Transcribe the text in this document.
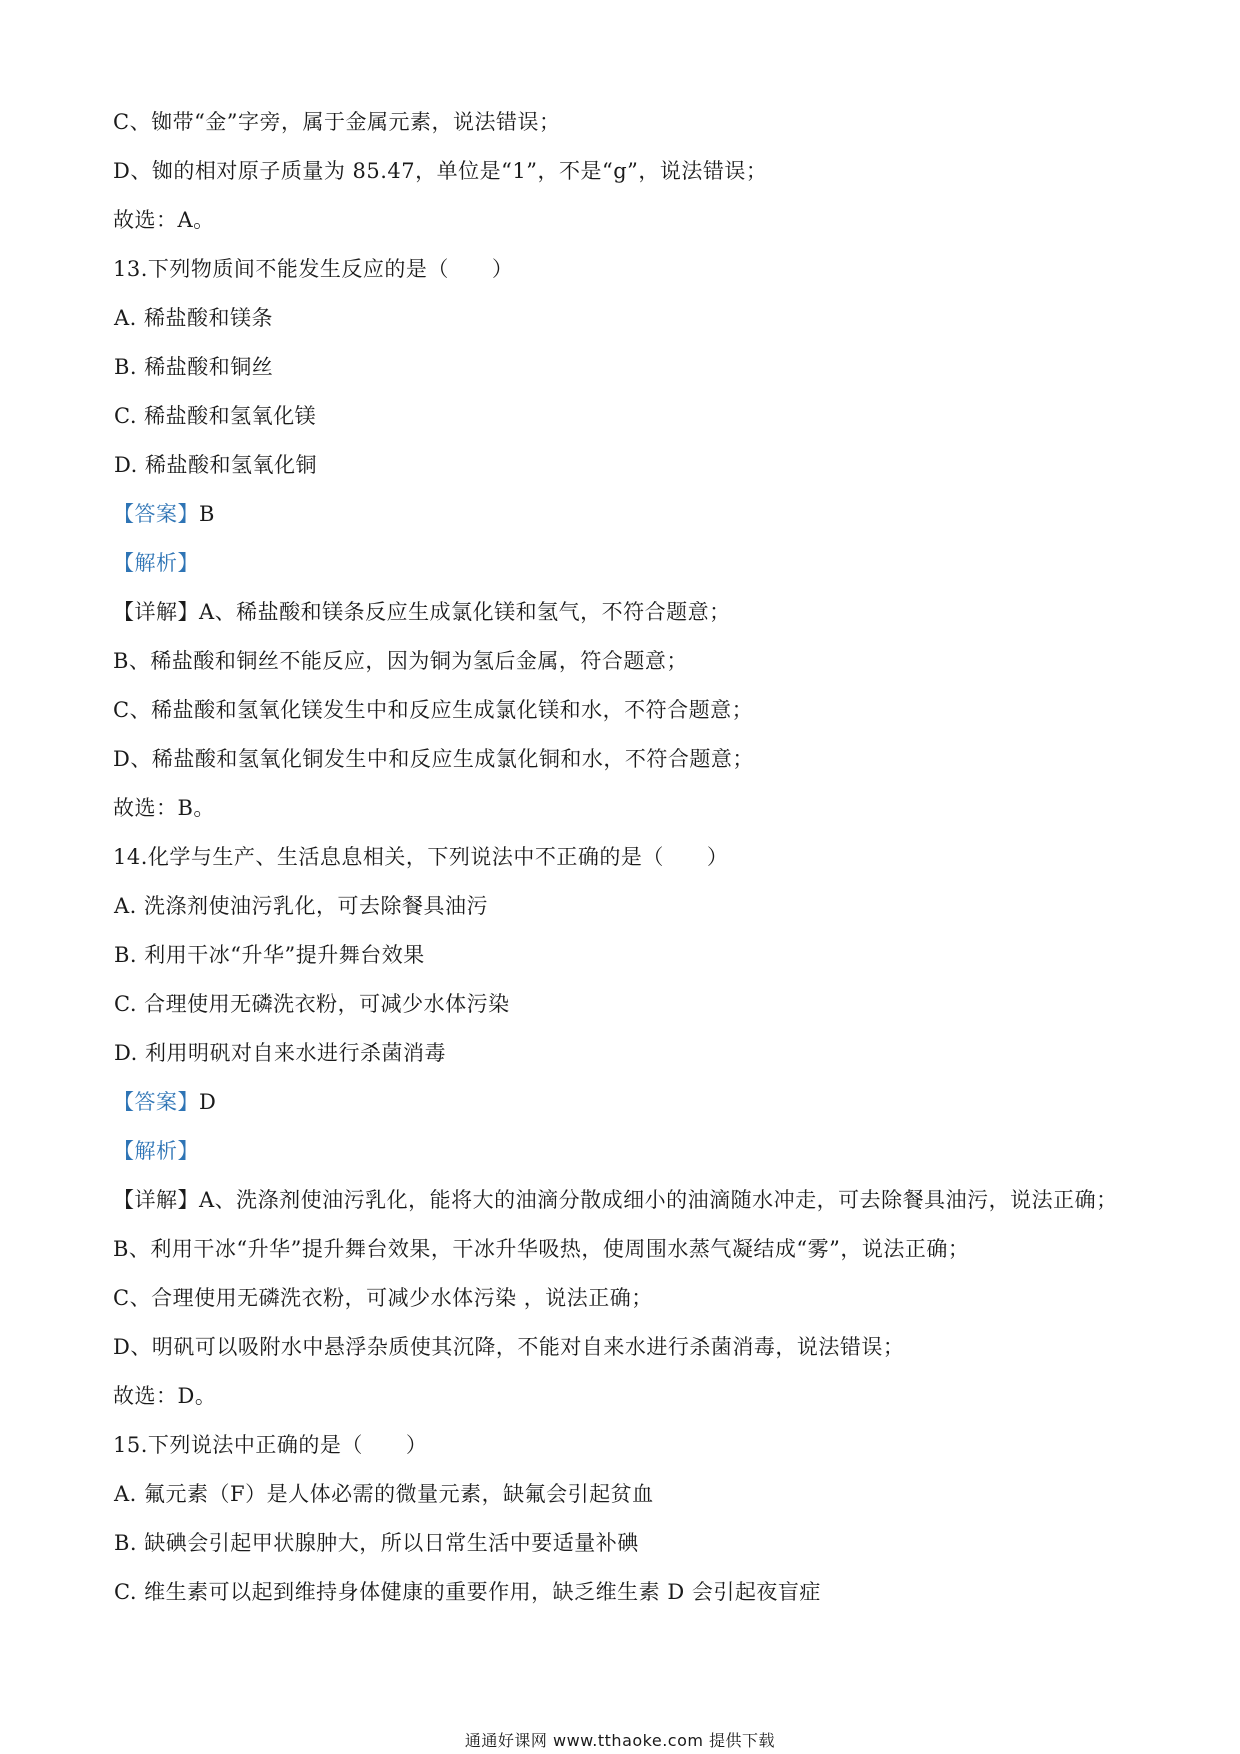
C、铷带“金”字旁，属于金属元素，说法错误；
D、铷的相对原子质量为 85.47，单位是“1”，不是“g”，说法错误；
故选：A。
13.下列物质间不能发生反应的是（　　）
A. 稀盐酸和镁条
B. 稀盐酸和铜丝
C. 稀盐酸和氢氧化镁
D. 稀盐酸和氢氧化铜
【答案】B
【解析】
【详解】A、稀盐酸和镁条反应生成氯化镁和氢气，不符合题意；
B、稀盐酸和铜丝不能反应，因为铜为氢后金属，符合题意；
C、稀盐酸和氢氧化镁发生中和反应生成氯化镁和水，不符合题意；
D、稀盐酸和氢氧化铜发生中和反应生成氯化铜和水，不符合题意；
故选：B。
14.化学与生产、生活息息相关，下列说法中不正确的是（　　）
A. 洗涤剂使油污乳化，可去除餐具油污
B. 利用干冰“升华”提升舞台效果
C. 合理使用无磷洗衣粉，可减少水体污染
D. 利用明矾对自来水进行杀菌消毒
【答案】D
【解析】
【详解】A、洗涤剂使油污乳化，能将大的油滴分散成细小的油滴随水冲走，可去除餐具油污，说法正确；
B、利用干冰“升华”提升舞台效果，干冰升华吸热，使周围水蒸气凝结成“雾”，说法正确；
C、合理使用无磷洗衣粉，可减少水体污染 ，说法正确；
D、明矾可以吸附水中悬浮杂质使其沉降，不能对自来水进行杀菌消毒，说法错误；
故选：D。
15.下列说法中正确的是（　　）
A. 氟元素（F）是人体必需的微量元素，缺氟会引起贫血
B. 缺碘会引起甲状腺肿大，所以日常生活中要适量补碘
C. 维生素可以起到维持身体健康的重要作用，缺乏维生素 D 会引起夜盲症
通通好课网 www.tthaoke.com 提供下载
